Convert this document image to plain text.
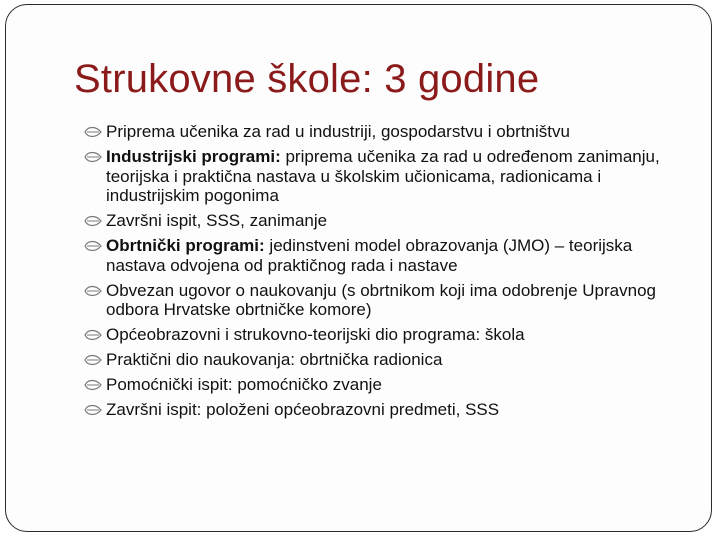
Strukovne škole: 3 godine
Priprema učenika za rad u industriji, gospodarstvu i obrtništvu
Industrijski programi: priprema učenika za rad u određenom zanimanju, teorijska i praktična nastava u školskim učionicama, radionicama i industrijskim pogonima
Završni ispit, SSS, zanimanje
Obrtnički programi: jedinstveni model obrazovanja (JMO) – teorijska nastava odvojena od praktičnog rada i nastave
Obvezan ugovor o naukovanju (s obrtnikom koji ima odobrenje Upravnog odbora Hrvatske obrtničke komore)
Općeobrazovni i strukovno-teorijski dio programa: škola
Praktični dio naukovanja: obrtnička radionica
Pomoćnički ispit: pomoćničko zvanje
Završni ispit: položeni općeobrazovni predmeti, SSS
